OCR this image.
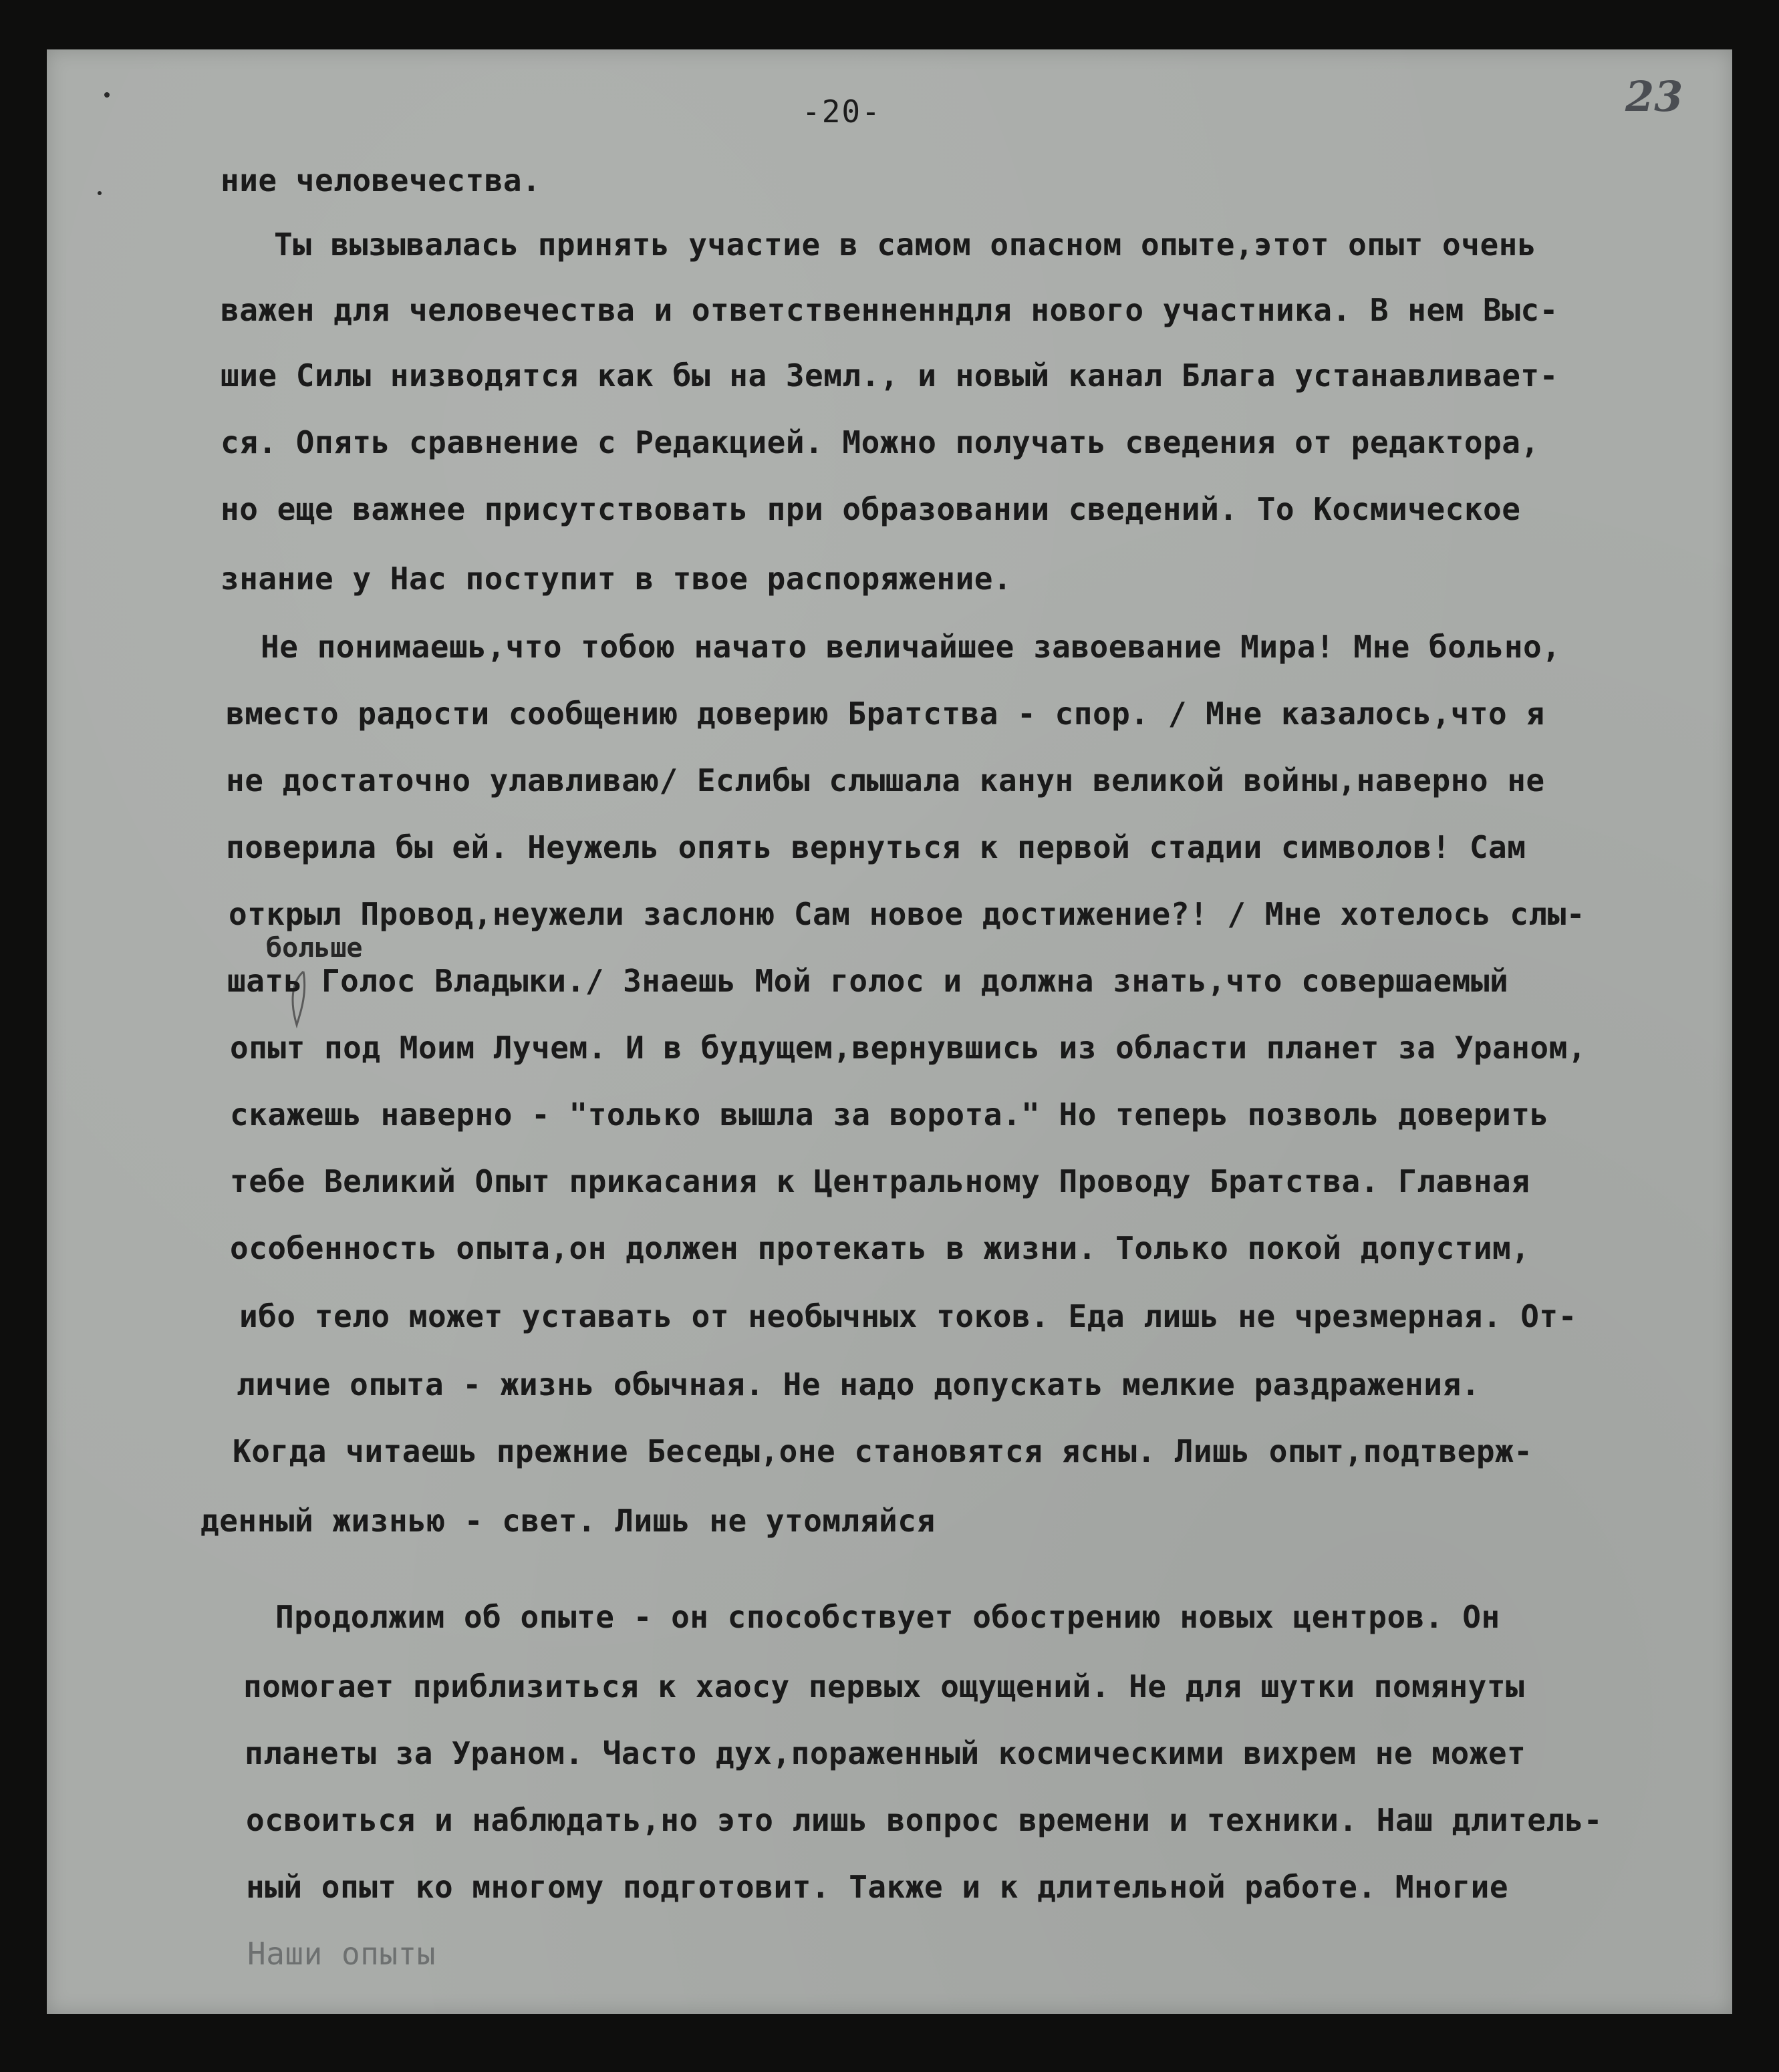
-20-	23
ние человечества.
Ты вызывалась принять участие в самом опасном опыте,этот опыт очень
важен для человечества и ответственненндля нового участника. В нем Выс-
шие Силы низводятся как бы на Земл., и новый канал Блага устанавливает-
ся. Опять сравнение с Редакцией. Можно получать сведения от редактора,
но еще важнее присутствовать при образовании сведений. То Космическое
знание у Нас поступит в твое распоряжение.
Не понимаешь,что тобою начато величайшее завоевание Мира! Мне больно,
вместо радости сообщению доверию Братства - спор. / Мне казалось,что я
не достаточно улавливаю/ Еслибы слышала канун великой войны,наверно не
поверила бы ей. Неужель опять вернуться к первой стадии символов! Сам
открыл Провод,неужели заслоню Сам новое достижение?! / Мне хотелось слы-
больше
шать Голос Владыки./ Знаешь Мой голос и должна знать,что совершаемый
опыт под Моим Лучем. И в будущем,вернувшись из области планет за Ураном,
скажешь наверно - "только вышла за ворота." Но теперь позволь доверить
тебе Великий Опыт прикасания к Центральному Проводу Братства. Главная
особенность опыта,он должен протекать в жизни. Только покой допустим,
ибо тело может уставать от необычных токов. Еда лишь не чрезмерная. От-
личие опыта - жизнь обычная. Не надо допускать мелкие раздражения.
Когда читаешь прежние Беседы,оне становятся ясны. Лишь опыт,подтверж-
денный жизнью - свет. Лишь не утомляйся
Продолжим об опыте - он способствует обострению новых центров. Он
помогает приблизиться к хаосу первых ощущений. Не для шутки помянуты
планеты за Ураном. Часто дух,пораженный космическими вихрем не может
освоиться и наблюдать,но это лишь вопрос времени и техники. Наш длитель-
ный опыт ко многому подготовит. Также и к длительной работе. Многие
Наши опыты
